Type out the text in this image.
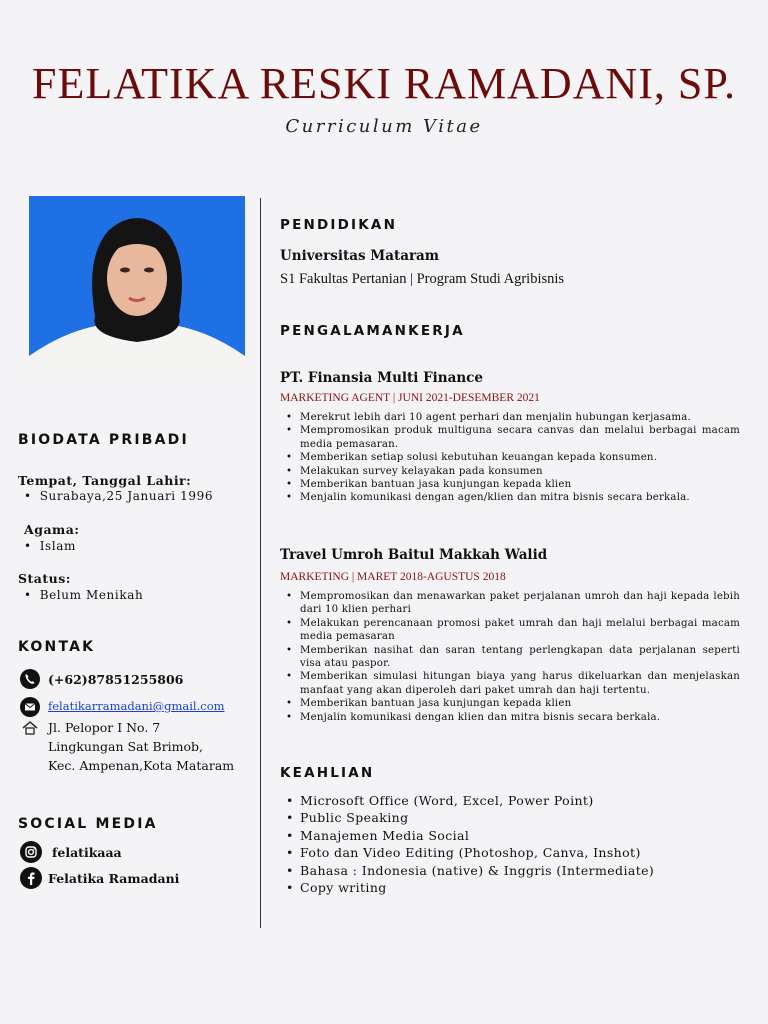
FELATIKA RESKI RAMADANI, SP.
Curriculum Vitae
BIODATA PRIBADI
Tempat, Tanggal Lahir:
• Surabaya,25 Januari 1996
Agama:
• Islam
Status:
• Belum Menikah
KONTAK
(+62)87851255806
felatikarramadani@gmail.com
Jl. Pelopor I No. 7
Lingkungan Sat Brimob,
Kec. Ampenan,Kota Mataram
SOCIAL MEDIA
felatikaaa
Felatika Ramadani
PENDIDIKAN
Universitas Mataram
S1 Fakultas Pertanian | Program Studi Agribisnis
PENGALAMANKERJA
PT. Finansia Multi Finance
MARKETING AGENT | JUNI 2021-DESEMBER 2021
• Merekrut lebih dari 10 agent perhari dan menjalin hubungan kerjasama.
• Mempromosikan produk multiguna secara canvas dan melalui berbagai macam media pemasaran.
• Memberikan setiap solusi kebutuhan keuangan kepada konsumen.
• Melakukan survey kelayakan pada konsumen
• Memberikan bantuan jasa kunjungan kepada klien
• Menjalin komunikasi dengan agen/klien dan mitra bisnis secara berkala.
Travel Umroh Baitul Makkah Walid
MARKETING | MARET 2018-AGUSTUS 2018
• Mempromosikan dan menawarkan paket perjalanan umroh dan haji kepada lebih dari 10 klien perhari
• Melakukan perencanaan promosi paket umrah dan haji melalui berbagai macam media pemasaran
• Memberikan nasihat dan saran tentang perlengkapan data perjalanan seperti visa atau paspor.
• Memberikan simulasi hitungan biaya yang harus dikeluarkan dan menjelaskan manfaat yang akan diperoleh dari paket umrah dan haji tertentu.
• Memberikan bantuan jasa kunjungan kepada klien
• Menjalin komunikasi dengan klien dan mitra bisnis secara berkala.
KEAHLIAN
• Microsoft Office (Word, Excel, Power Point)
• Public Speaking
• Manajemen Media Social
• Foto dan Video Editing (Photoshop, Canva, Inshot)
• Bahasa : Indonesia (native) & Inggris (Intermediate)
• Copy writing
